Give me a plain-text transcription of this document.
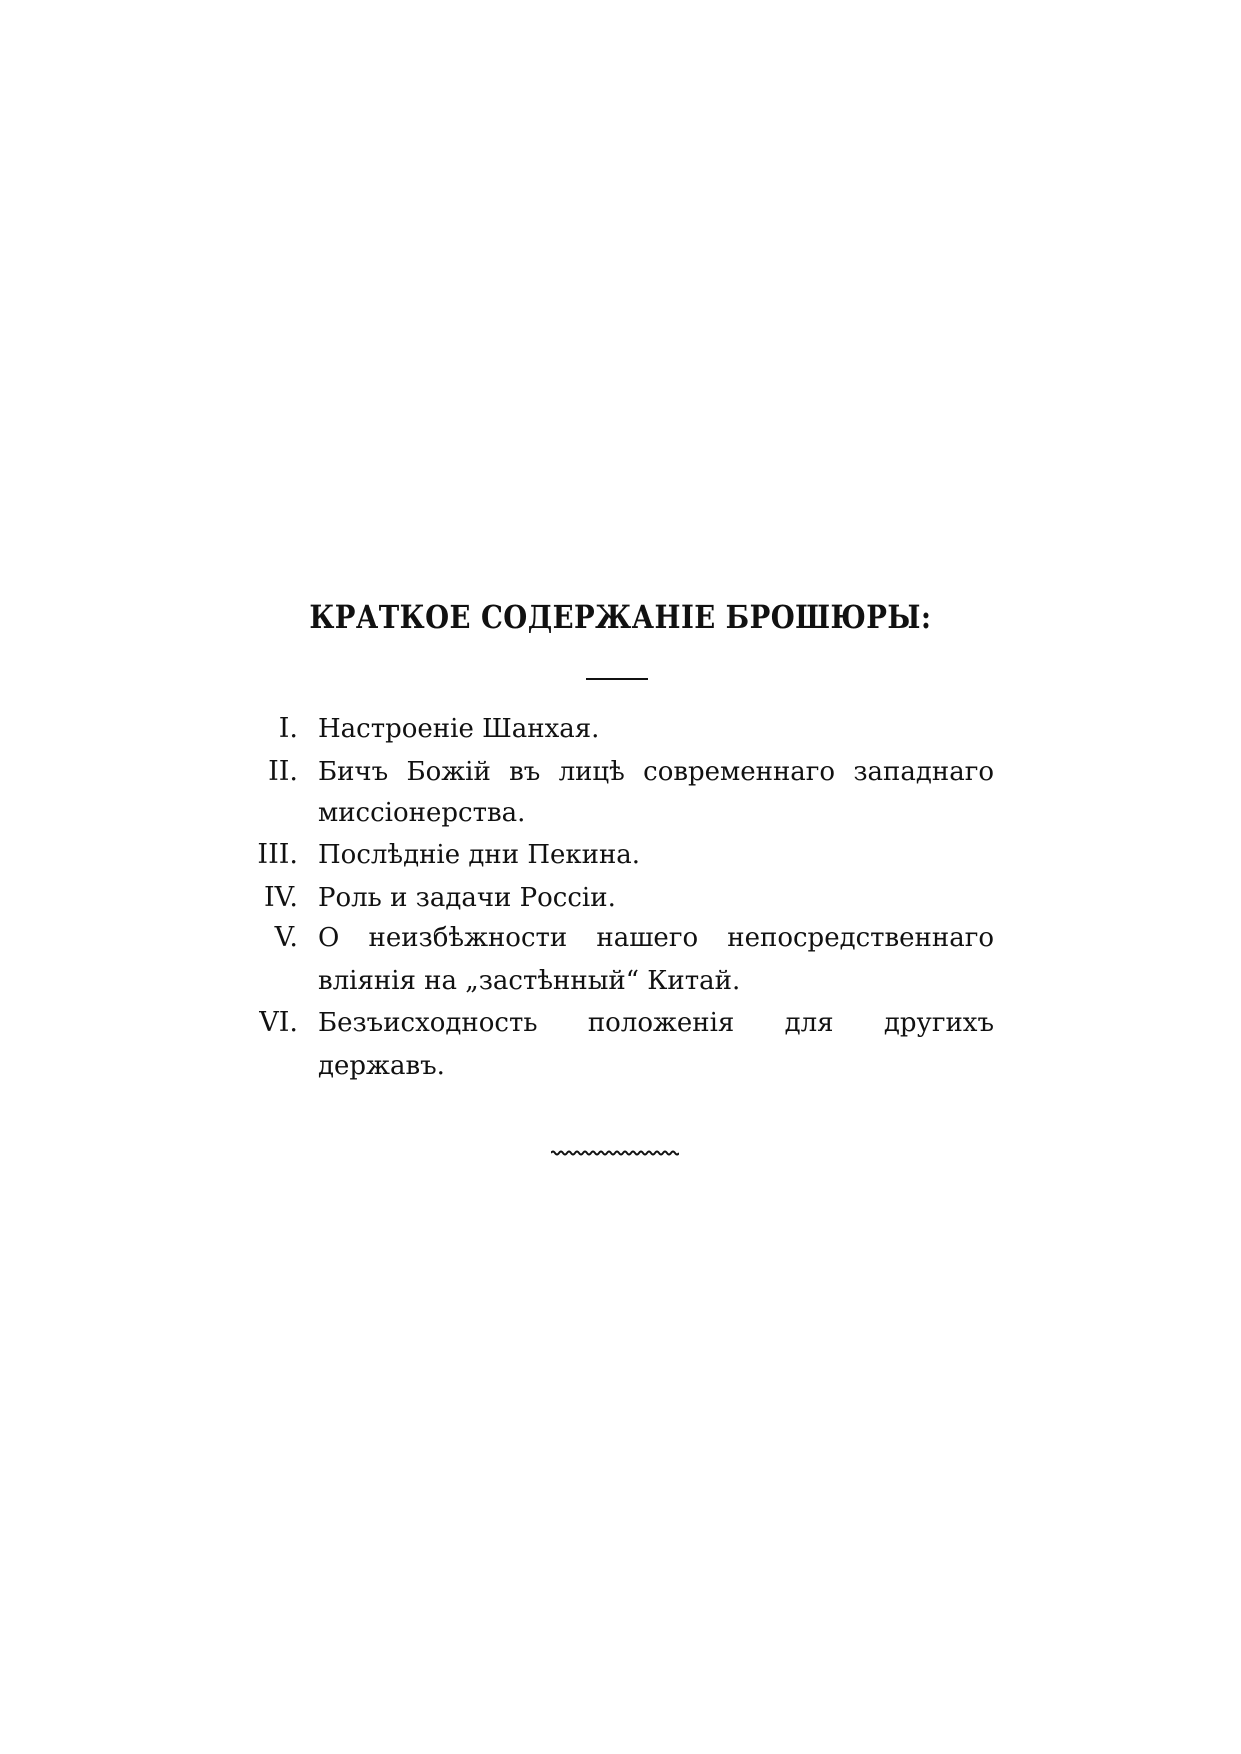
КРАТКОЕ СОДЕРЖАНІЕ БРОШЮРЫ:
I. Настроеніе Шанхая.
II. Бичъ Божій въ лицѣ современнаго западнаго
миссіонерства.
III. Послѣдніе дни Пекина.
IV. Роль и задачи Россіи.
V. О неизбѣжности нашего непосредственнаго
вліянія на „застѣнный“ Китай.
VI. Безъисходность положенія для другихъ
державъ.
